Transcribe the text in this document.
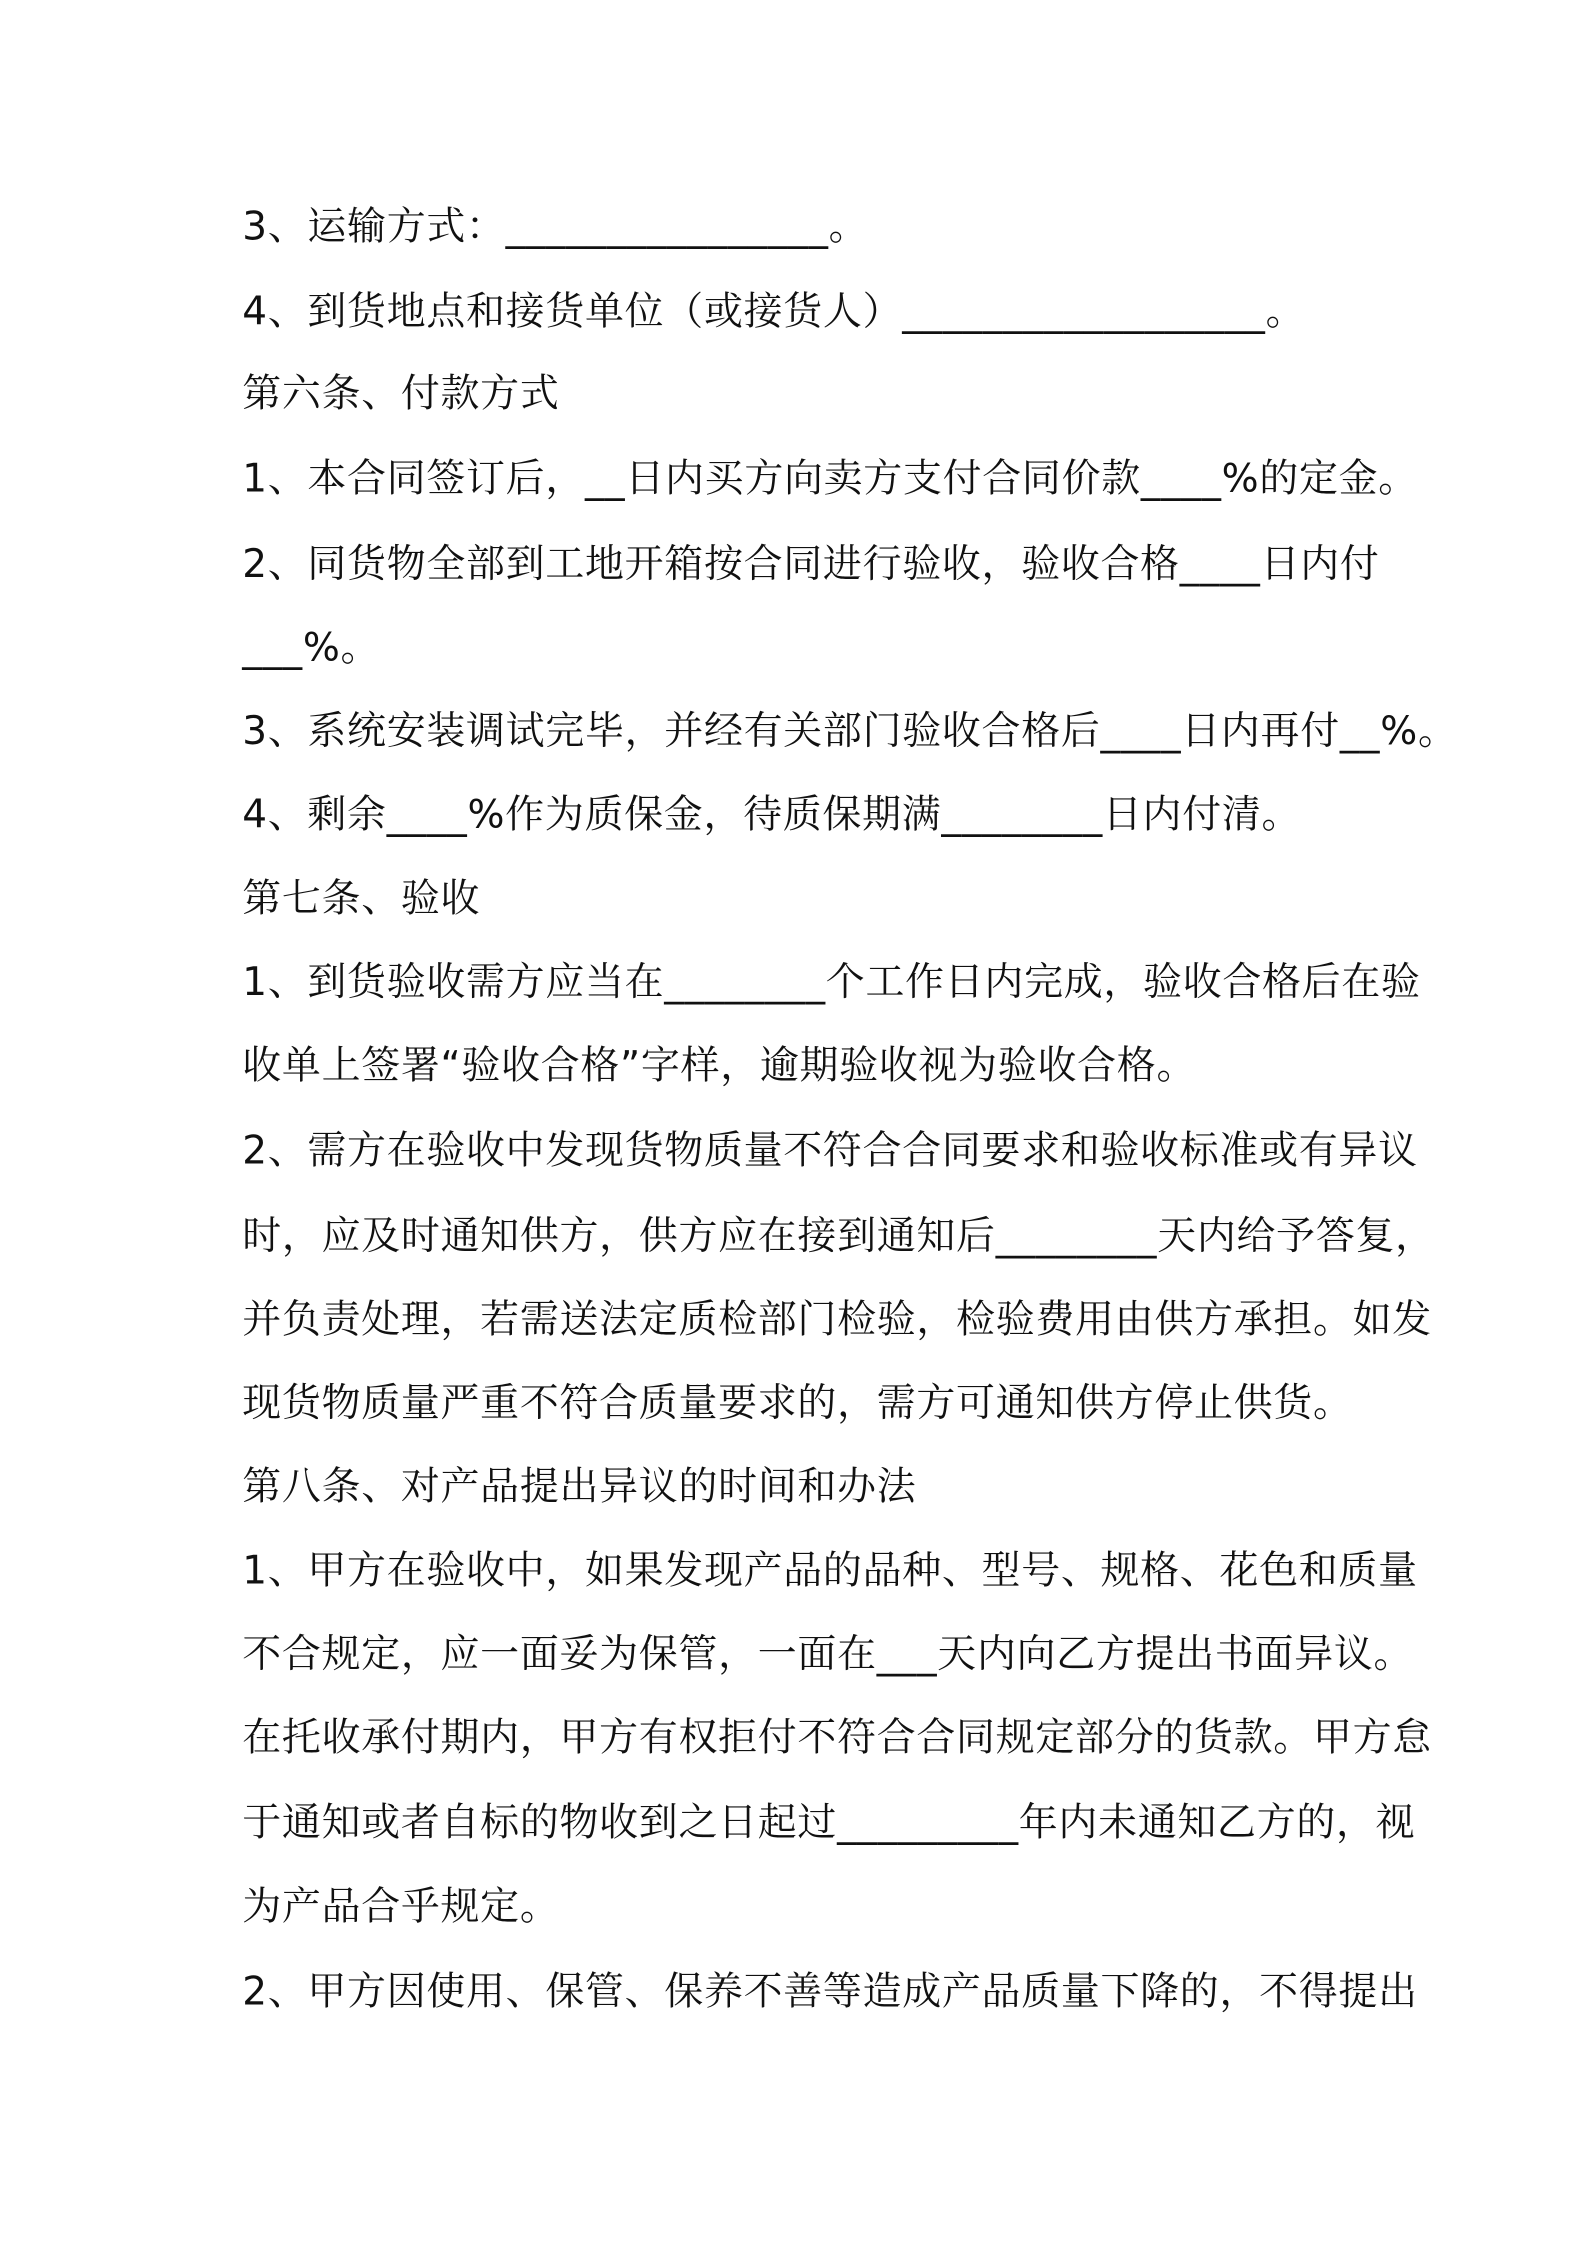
3、运输方式：________________。
4、到货地点和接货单位（或接货人）__________________。
第六条、付款方式
1、本合同签订后，__日内买方向卖方支付合同价款____%的定金。
2、同货物全部到工地开箱按合同进行验收，验收合格____日内付
___%。
3、系统安装调试完毕，并经有关部门验收合格后____日内再付__%。
4、剩余____%作为质保金，待质保期满________日内付清。
第七条、验收
1、到货验收需方应当在________个工作日内完成，验收合格后在验
收单上签署“验收合格”字样，逾期验收视为验收合格。
2、需方在验收中发现货物质量不符合合同要求和验收标准或有异议
时，应及时通知供方，供方应在接到通知后________天内给予答复，
并负责处理，若需送法定质检部门检验，检验费用由供方承担。如发
现货物质量严重不符合质量要求的，需方可通知供方停止供货。
第八条、对产品提出异议的时间和办法
1、甲方在验收中，如果发现产品的品种、型号、规格、花色和质量
不合规定，应一面妥为保管，一面在___天内向乙方提出书面异议。
在托收承付期内，甲方有权拒付不符合合同规定部分的货款。甲方怠
于通知或者自标的物收到之日起过_________年内未通知乙方的，视
为产品合乎规定。
2、甲方因使用、保管、保养不善等造成产品质量下降的，不得提出
